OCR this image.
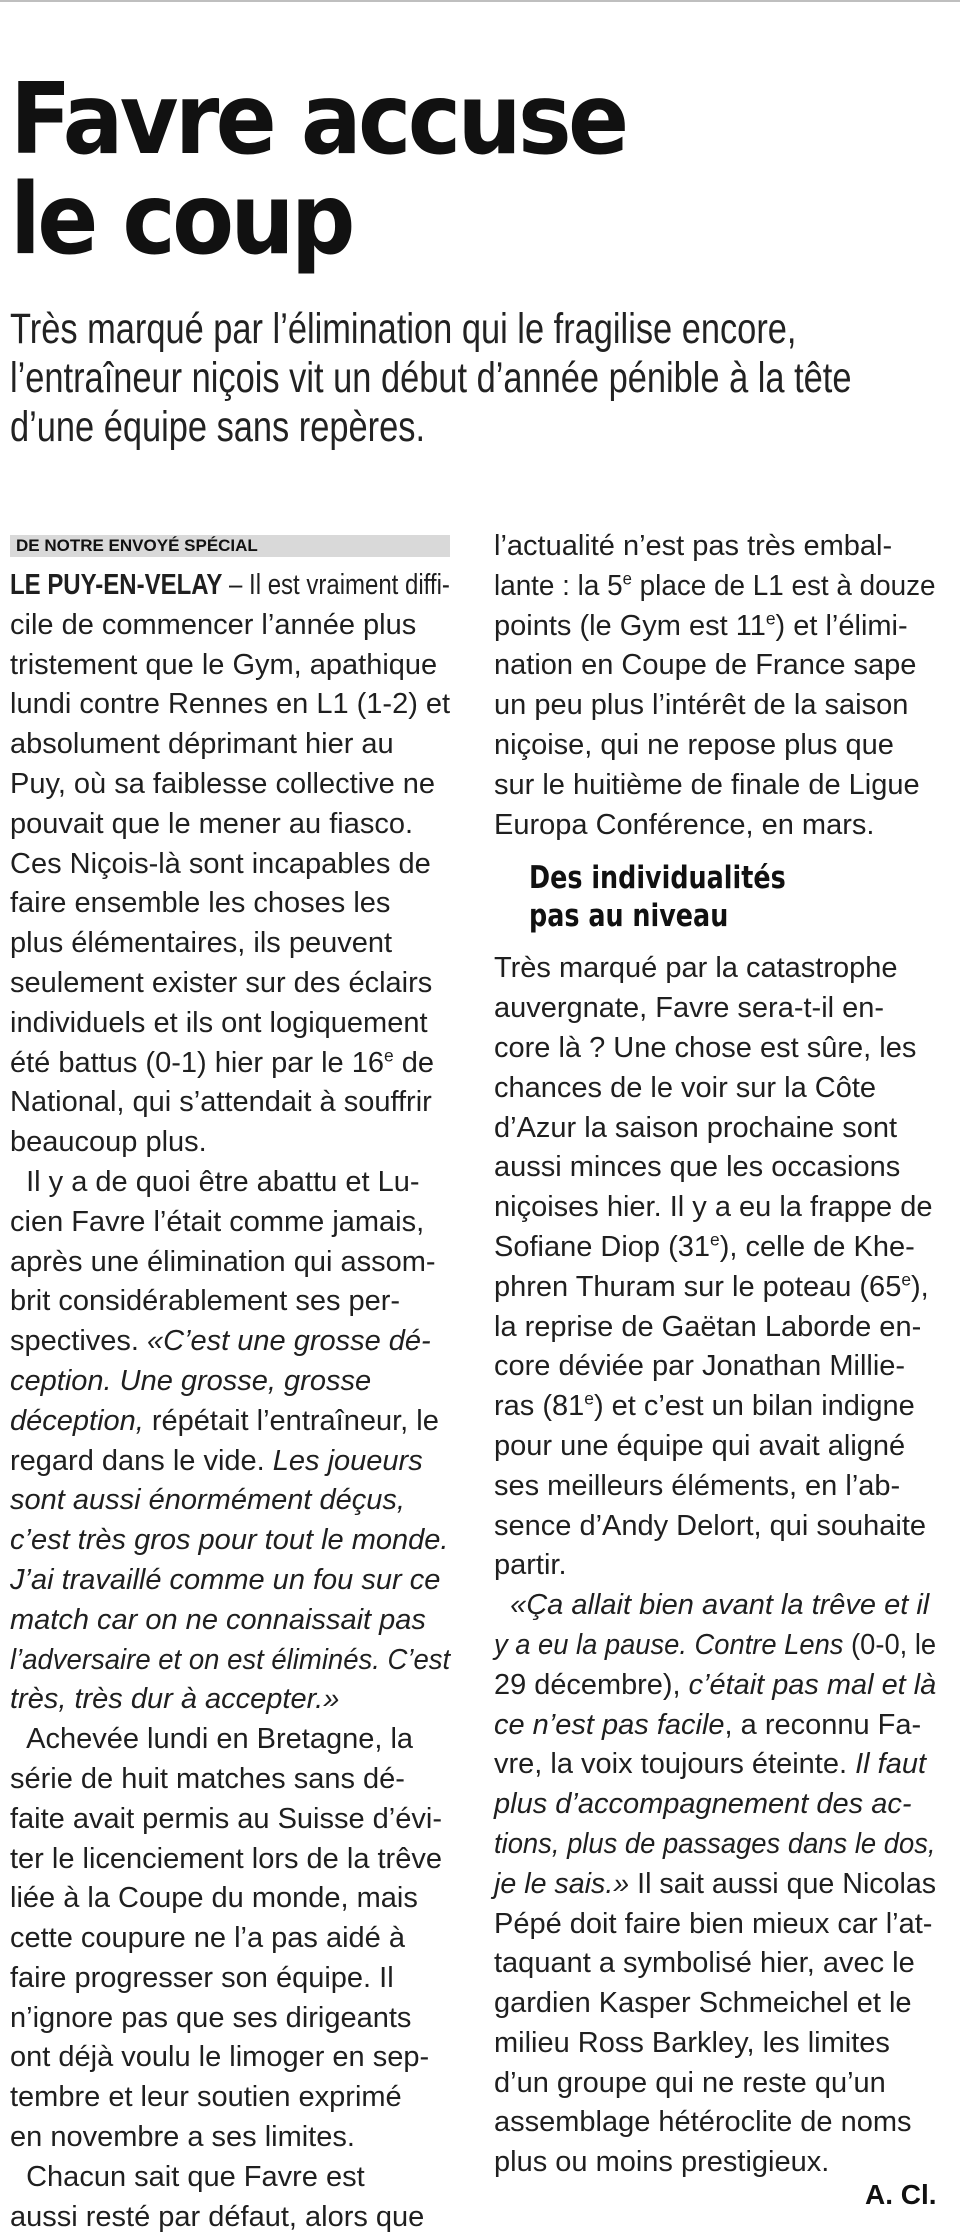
Favre accuse
le coup
Très marqué par l’élimination qui le fragilise encore,
l’entraîneur niçois vit un début d’année pénible à la tête
d’une équipe sans repères.
DE NOTRE ENVOYÉ SPÉCIAL
LE PUY-EN-VELAY – Il est vraiment diffi-
cile de commencer l’année plus
tristement que le Gym, apathique
lundi contre Rennes en L1 (1-2) et
absolument déprimant hier au
Puy, où sa faiblesse collective ne
pouvait que le mener au fiasco.
Ces Niçois-là sont incapables de
faire ensemble les choses les
plus élémentaires, ils peuvent
seulement exister sur des éclairs
individuels et ils ont logiquement
été battus (0-1) hier par le 16e de
National, qui s’attendait à souffrir
beaucoup plus.
Il y a de quoi être abattu et Lu-
cien Favre l’était comme jamais,
après une élimination qui assom-
brit considérablement ses per-
spectives. «C’est une grosse dé-
ception. Une grosse, grosse
déception, répétait l’entraîneur, le
regard dans le vide. Les joueurs
sont aussi énormément déçus,
c’est très gros pour tout le monde.
J’ai travaillé comme un fou sur ce
match car on ne connaissait pas
l’adversaire et on est éliminés. C’est
très, très dur à accepter.»
Achevée lundi en Bretagne, la
série de huit matches sans dé-
faite avait permis au Suisse d’évi-
ter le licenciement lors de la trêve
liée à la Coupe du monde, mais
cette coupure ne l’a pas aidé à
faire progresser son équipe. Il
n’ignore pas que ses dirigeants
ont déjà voulu le limoger en sep-
tembre et leur soutien exprimé
en novembre a ses limites.
Chacun sait que Favre est
aussi resté par défaut, alors que
l’actualité n’est pas très embal-
lante : la 5e place de L1 est à douze
points (le Gym est 11e) et l’élimi-
nation en Coupe de France sape
un peu plus l’intérêt de la saison
niçoise, qui ne repose plus que
sur le huitième de finale de Ligue
Europa Conférence, en mars.
Des individualités
pas au niveau
Très marqué par la catastrophe
auvergnate, Favre sera-t-il en-
core là ? Une chose est sûre, les
chances de le voir sur la Côte
d’Azur la saison prochaine sont
aussi minces que les occasions
niçoises hier. Il y a eu la frappe de
Sofiane Diop (31e), celle de Khe-
phren Thuram sur le poteau (65e),
la reprise de Gaëtan Laborde en-
core déviée par Jonathan Millie-
ras (81e) et c’est un bilan indigne
pour une équipe qui avait aligné
ses meilleurs éléments, en l’ab-
sence d’Andy Delort, qui souhaite
partir.
«Ça allait bien avant la trêve et il
y a eu la pause. Contre Lens (0-0, le
29 décembre), c’était pas mal et là
ce n’est pas facile, a reconnu Fa-
vre, la voix toujours éteinte. Il faut
plus d’accompagnement des ac-
tions, plus de passages dans le dos,
je le sais.» Il sait aussi que Nicolas
Pépé doit faire bien mieux car l’at-
taquant a symbolisé hier, avec le
gardien Kasper Schmeichel et le
milieu Ross Barkley, les limites
d’un groupe qui ne reste qu’un
assemblage hétéroclite de noms
plus ou moins prestigieux.
A. Cl.
